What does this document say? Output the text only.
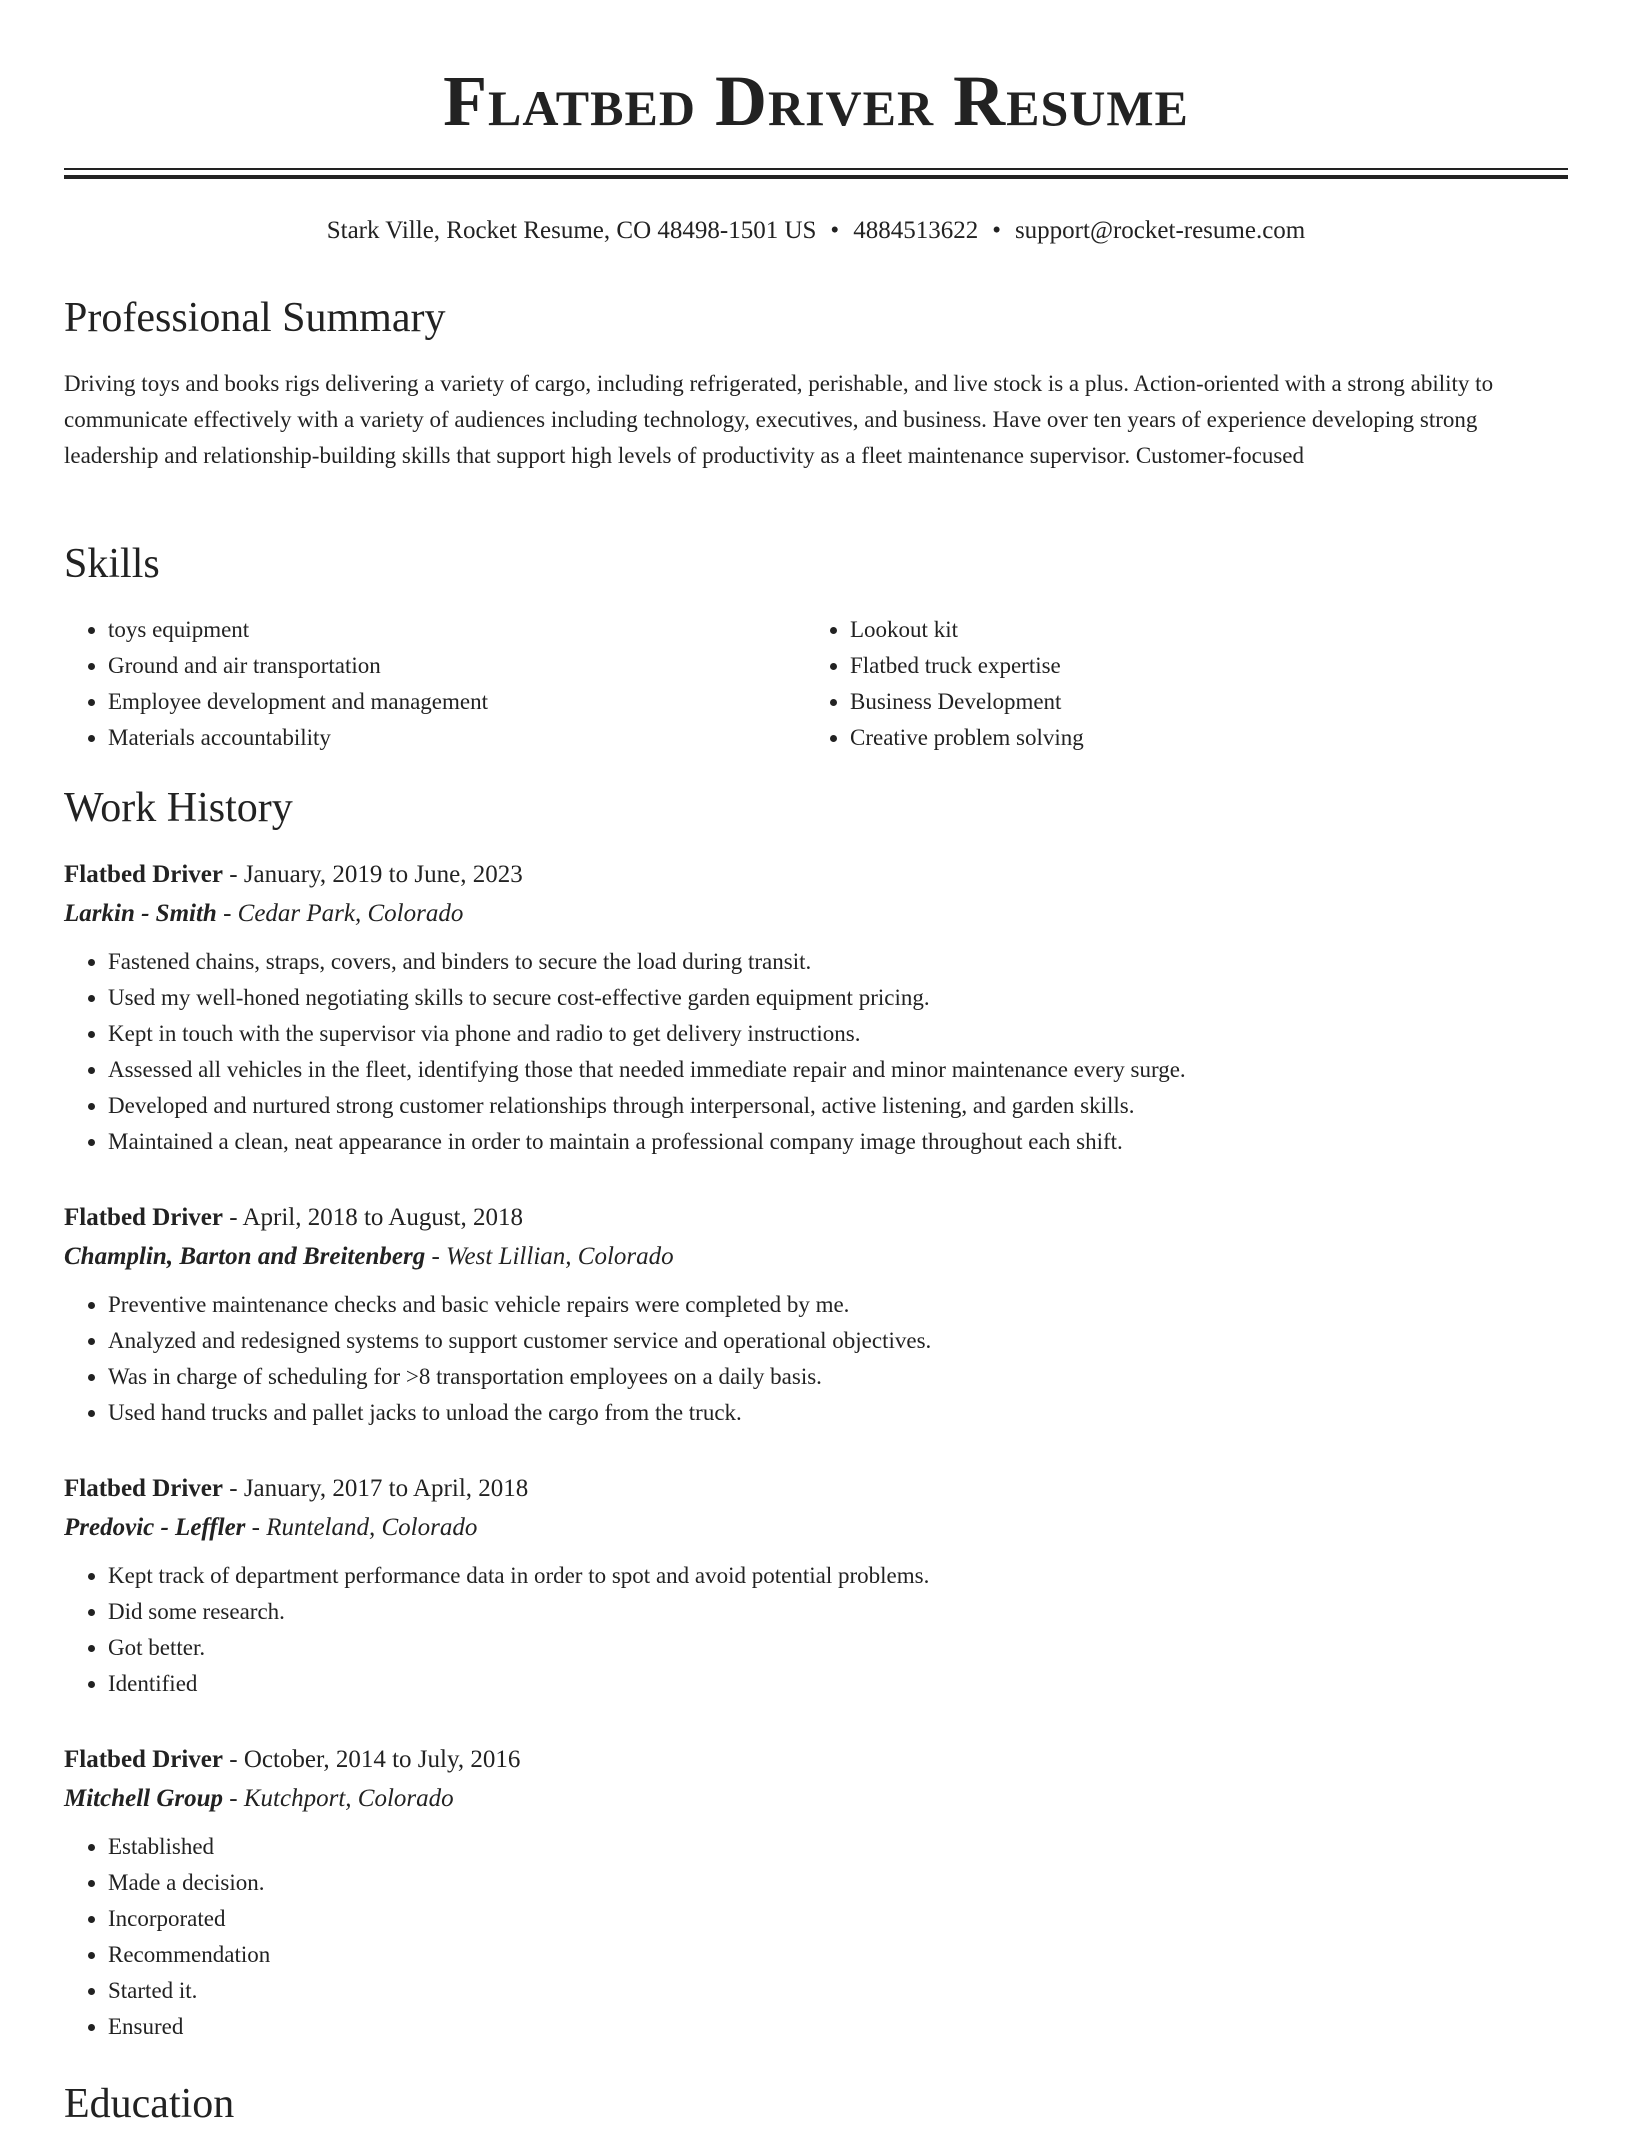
Flatbed Driver Resume
Stark Ville, Rocket Resume, CO 48498-1501 US • 4884513622 • support@rocket-resume.com
Professional Summary

Driving toys and books rigs delivering a variety of cargo, including refrigerated, perishable, and live stock is a plus. Action-oriented with a strong ability to communicate effectively with a variety of audiences including technology, executives, and business. Have over ten years of experience developing strong leadership and relationship-building skills that support high levels of productivity as a fleet maintenance supervisor. Customer-focused

Skills
• toys equipment
• Ground and air transportation
• Employee development and management
• Materials accountability
• Lookout kit
• Flatbed truck expertise
• Business Development
• Creative problem solving
Work History

Flatbed Driver - January, 2019 to June, 2023

Larkin - Smith - Cedar Park, Colorado

• Fastened chains, straps, covers, and binders to secure the load during transit.
• Used my well-honed negotiating skills to secure cost-effective garden equipment pricing.
• Kept in touch with the supervisor via phone and radio to get delivery instructions.
• Assessed all vehicles in the fleet, identifying those that needed immediate repair and minor maintenance every surge.
• Developed and nurtured strong customer relationships through interpersonal, active listening, and garden skills.
• Maintained a clean, neat appearance in order to maintain a professional company image throughout each shift.

Flatbed Driver - April, 2018 to August, 2018

Champlin, Barton and Breitenberg - West Lillian, Colorado

• Preventive maintenance checks and basic vehicle repairs were completed by me.
• Analyzed and redesigned systems to support customer service and operational objectives.
• Was in charge of scheduling for >8 transportation employees on a daily basis.
• Used hand trucks and pallet jacks to unload the cargo from the truck.

Flatbed Driver - January, 2017 to April, 2018

Predovic - Leffler - Runteland, Colorado

• Kept track of department performance data in order to spot and avoid potential problems.
• Did some research.
• Got better.
• Identified

Flatbed Driver - October, 2014 to July, 2016

Mitchell Group - Kutchport, Colorado

• Established
• Made a decision.
• Incorporated
• Recommendation
• Started it.
• Ensured
Education
